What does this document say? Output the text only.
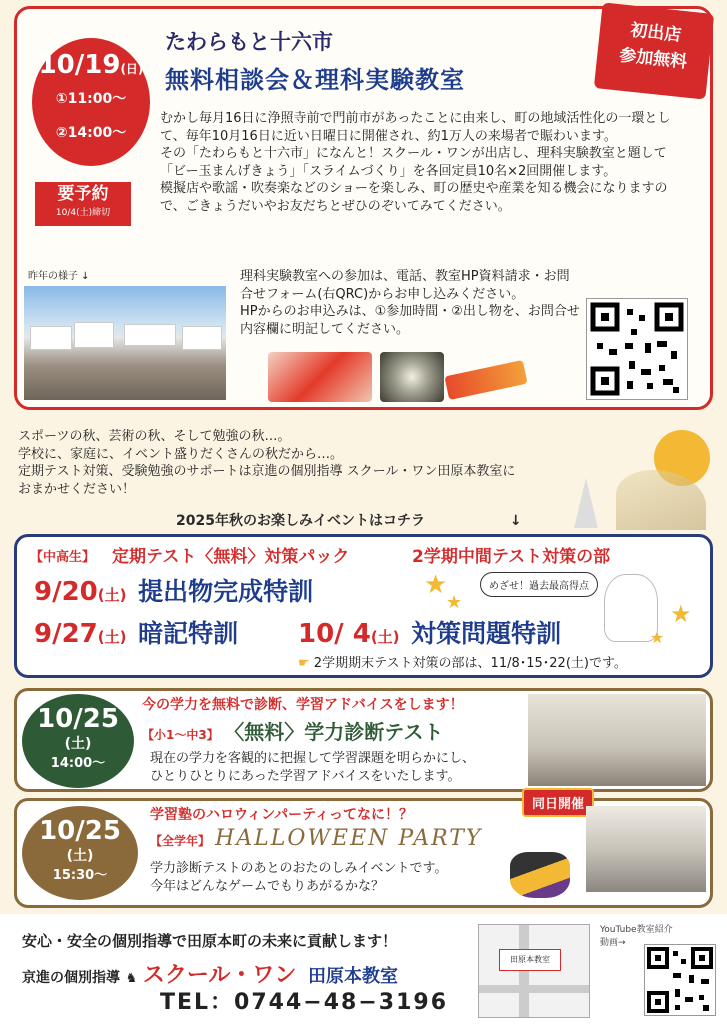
10/19(日)
①11:00～
②14:00～
要予約
10/4(土)締切
たわらもと十六市
無料相談会＆理科実験教室
初出店
参加無料
むかし毎月16日に浄照寺前で門前市があったことに由来し、町の地域活性化の一環として、毎年10月16日に近い日曜日に開催され、約1万人の来場者で賑わいます。
その「たわらもと十六市」になんと！スクール・ワンが出店し、理科実験教室と題して「ビー玉まんげきょう」「スライムづくり」を各回定員10名×2回開催します。
模擬店や歌謡・吹奏楽などのショーを楽しみ、町の歴史や産業を知る機会になりますので、ごきょうだいやお友だちとぜひのぞいてみてください。
昨年の様子 ↓	理科実験教室への参加は、電話、教室HP資料請求・お問合せフォーム(右QRC)からお申し込みください。
HPからのお申込みは、①参加時間・②出し物を、お問合せ内容欄に明記してください。
スポーツの秋、芸術の秋、そして勉強の秋…。
学校に、家庭に、イベント盛りだくさんの秋だから…。
定期テスト対策、受験勉強のサポートは京進の個別指導 スクール・ワン田原本教室に
おまかせください！
2025年秋のお楽しみイベントはコチラ	↓
【中高生】 定期テスト〈無料〉対策パック	2学期中間テスト対策の部
9/20(土) 提出物完成特訓
9/27(土) 暗記特訓 10/ 4(土) 対策問題特訓
★
★
めざせ！過去最高得点
★
★
☛ 2学期期末テスト対策の部は、11/8･15･22(土)です。
10/25
(土)
14:00～
今の学力を無料で診断、学習アドバイスをします！
【小1～中3】 〈無料〉学力診断テスト
現在の学力を客観的に把握して学習課題を明らかにし、
ひとりひとりにあった学習アドバイスをいたします。
10/25
(土)
15:30～
学習塾のハロウィンパーティってなに！？
同日開催
【全学年】 HALLOWEEN PARTY
学力診断テストのあとのおたのしみイベントです。
今年はどんなゲームでもりあがるかな？
安心・安全の個別指導で田原本町の未来に貢献します！
京進の個別指導 ♞ スクール・ワン 田原本教室
TEL：0744−48−3196
田原本教室
YouTube教室紹介
動画→
